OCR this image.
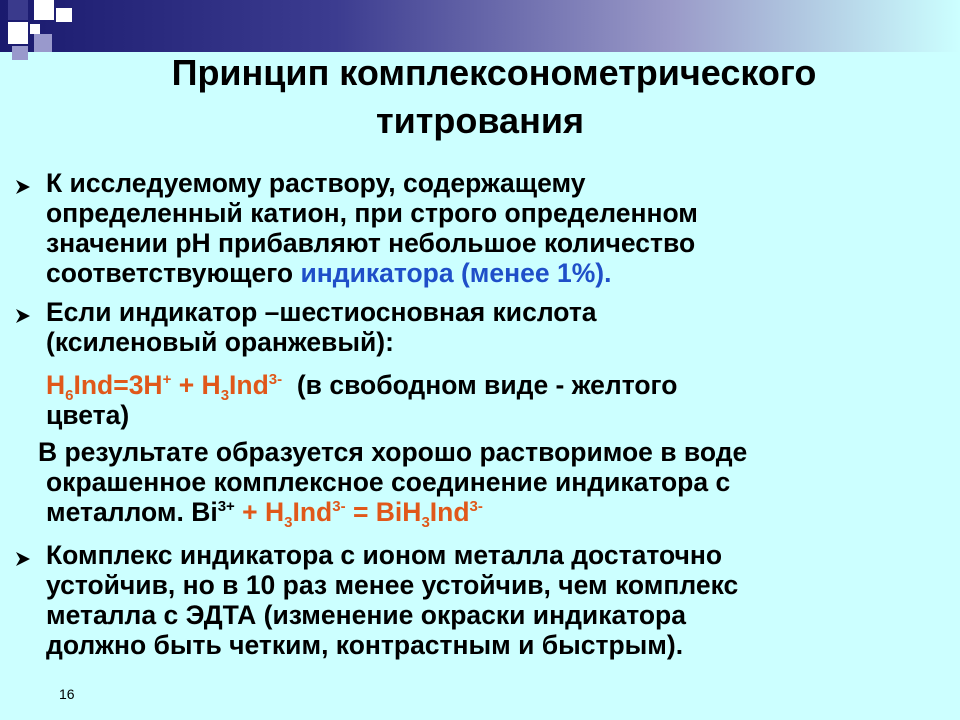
Принцип комплексонометрического
титрования
К исследуемому раствору, содержащему
определенный катион, при строго определенном
значении pH прибавляют небольшое количество
соответствующего индикатора (менее 1%).
Если индикатор –шестиосновная кислота
(ксиленовый оранжевый):
$H_6Ind=3H^+ + H_3Ind^{3-}$ (в свободном виде - желтого
цвета)
В результате образуется хорошо растворимое в воде
окрашенное комплексное соединение индикатора с
металлом. $Bi^{3+} + H_3Ind^{3-} = BiH_3Ind^{3-}$
Комплекс индикатора с ионом металла достаточно
устойчив, но в 10 раз менее устойчив, чем комплекс
металла с ЭДТА (изменение окраски индикатора
должно быть четким, контрастным и быстрым).
16
